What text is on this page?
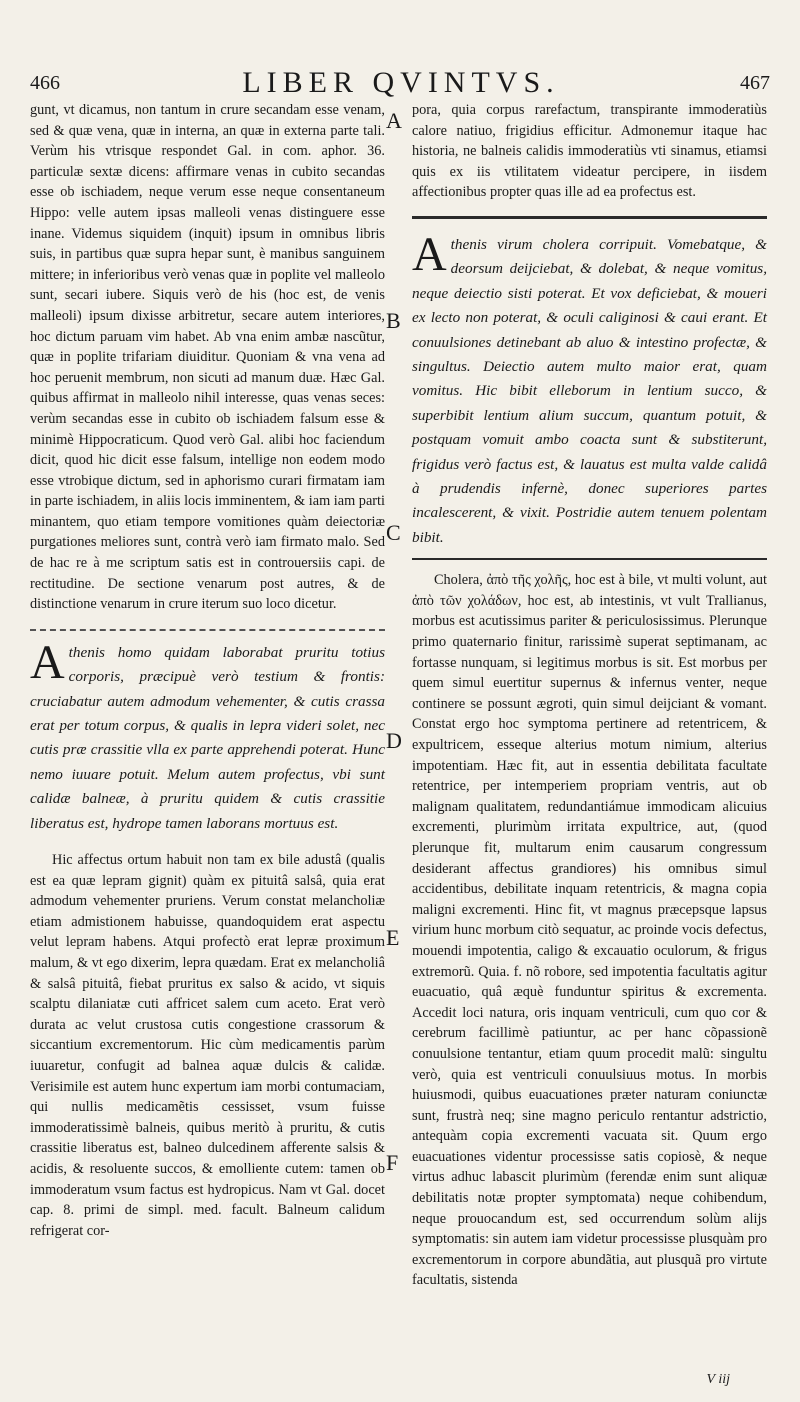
466	LIBER QVINTVS.	467
A
B
C
D
E
F

gunt, vt dicamus, non tantum in crure secandam esse venam, sed & quæ vena, quæ in interna, an quæ in externa parte tali. Verùm his vtrisque respondet Gal. in com. aphor. 36. particulæ sextæ dicens: affirmare venas in cubito secandas esse ob ischiadem, neque verum esse neque consentaneum Hippo: velle autem ipsas malleoli venas distinguere esse inane. Videmus siquidem (inquit) ipsum in omnibus libris suis, in partibus quæ supra hepar sunt, è manibus sanguinem mittere; in inferioribus verò venas quæ in poplite vel malleolo sunt, secari iubere. Siquis verò de his (hoc est, de venis malleoli) ipsum dixisse arbitretur, secare autem interiores, hoc dictum paruam vim habet. Ab vna enim ambæ nascũtur, quæ in poplite trifariam diuiditur. Quoniam & vna vena ad hoc peruenit membrum, non sicuti ad manum duæ. Hæc Gal. quibus affirmat in malleolo nihil interesse, quas venas seces: verùm secandas esse in cubito ob ischiadem falsum esse & minimè Hippocraticum. Quod verò Gal. alibi hoc faciendum dicit, quod hic dicit esse falsum, intellige non eodem modo esse vtrobique dictum, sed in aphorismo curari firmatam iam in parte ischiadem, in aliis locis imminentem, & iam iam parti minantem, quo etiam tempore vomitiones quàm deiectoriæ purgationes meliores sunt, contrà verò iam firmato malo. Sed de hac re à me scriptum satis est in controuersiis capi. de rectitudine. De sectione venarum post autres, & de distinctione venarum in crure iterum suo loco dicetur.

Athenis homo quidam laborabat pruritu totius corporis, præcipuè verò testium & frontis: cruciabatur autem admodum vehementer, & cutis crassa erat per totum corpus, & qualis in lepra videri solet, nec cutis præ crassitie vlla ex parte apprehendi poterat. Hunc nemo iuuare potuit. Melum autem profectus, vbi sunt calidæ balneæ, à pruritu quidem & cutis crassitie liberatus est, hydrope tamen laborans mortuus est.

Hic affectus ortum habuit non tam ex bile adustâ (qualis est ea quæ lepram gignit) quàm ex pituitâ salsâ, quia erat admodum vehementer pruriens. Verum constat melancholiæ etiam admistionem habuisse, quandoquidem erat aspectu velut lepram habens. Atqui profectò erat lepræ proximum malum, & vt ego dixerim, lepra quædam. Erat ex melancholiâ & salsâ pituitâ, fiebat pruritus ex salso & acido, vt siquis scalptu dilaniatæ cuti affricet salem cum aceto. Erat verò durata ac velut crustosa cutis congestione crassorum & siccantium excrementorum. Hic cùm medicamentis parùm iuuaretur, confugit ad balnea aquæ dulcis & calidæ. Verisimile est autem hunc expertum iam morbi contumaciam, qui nullis medicamẽtis cessisset, vsum fuisse immoderatissimè balneis, quibus meritò à pruritu, & cutis crassitie liberatus est, balneo dulcedinem afferente salsis & acidis, & resoluente succos, & emolliente cutem: tamen ob immoderatum vsum factus est hydropicus. Nam vt Gal. docet cap. 8. primi de simpl. med. facult. Balneum calidum refrigerat cor-

pora, quia corpus rarefactum, transpirante immoderatiùs calore natiuo, frigidius efficitur. Admonemur itaque hac historia, ne balneis calidis immoderatiùs vti sinamus, etiamsi quis ex iis vtilitatem videatur percipere, in iisdem affectionibus propter quas ille ad ea profectus est.

Athenis virum cholera corripuit. Vomebatque, & deorsum deijciebat, & dolebat, & neque vomitus, neque deiectio sisti poterat. Et vox deficiebat, & moueri ex lecto non poterat, & oculi caliginosi & caui erant. Et conuulsiones detinebant ab aluo & intestino profectæ, & singultus. Deiectio autem multo maior erat, quam vomitus. Hic bibit elleborum in lentium succo, & superbibit lentium alium succum, quantum potuit, & postquam vomuit ambo coacta sunt & substiterunt, frigidus verò factus est, & lauatus est multa valde calidâ à prudendis infernè, donec superiores partes incalescerent, & vixit. Postridie autem tenuem polentam bibit.

Cholera, ἀπὸ τῆς χολῆς, hoc est à bile, vt multi volunt, aut ἀπὸ τῶν χολάδων, hoc est, ab intestinis, vt vult Trallianus, morbus est acutissimus pariter & periculosissimus. Plerunque primo quaternario finitur, rarissimè superat septimanam, ac fortasse nunquam, si legitimus morbus is sit. Est morbus per quem simul euertitur supernus & infernus venter, neque continere se possunt ægroti, quin simul deijciant & vomant. Constat ergo hoc symptoma pertinere ad retentricem, & expultricem, esseque alterius motum nimium, alterius impotentiam. Hæc fit, aut in essentia debilitata facultate retentrice, per intemperiem propriam ventris, aut ob malignam qualitatem, redundantiámue immodicam alicuius excrementi, plurimùm irritata expultrice, aut, (quod plerunque fit, multarum enim causarum congressum desiderant affectus grandiores) his omnibus simul accidentibus, debilitate inquam retentricis, & magna copia maligni excrementi. Hinc fit, vt magnus præcepsque lapsus virium hunc morbum citò sequatur, ac proinde vocis defectus, mouendi impotentia, caligo & excauatio oculorum, & frigus extremorũ. Quia. f. nõ robore, sed impotentia facultatis agitur euacuatio, quâ æquè funduntur spiritus & excrementa. Accedit loci natura, oris inquam ventriculi, cum quo cor & cerebrum facillimè patiuntur, ac per hanc cõpassionẽ conuulsione tentantur, etiam quum procedit malũ: singultu verò, quia est ventriculi conuulsiuus motus. In morbis huiusmodi, quibus euacuationes præter naturam coniunctæ sunt, frustrà neq; sine magno periculo rentantur adstrictio, antequàm copia excrementi vacuata sit. Quum ergo euacuationes videntur processisse satis copiosè, & neque virtus adhuc labascit plurimùm (ferendæ enim sunt aliquæ debilitatis notæ propter symptomata) neque cohibendum, neque prouocandum est, sed occurrendum solùm alijs symptomatis: sin autem iam videtur processisse plusquàm pro excrementorum in corpore abundãtia, aut plusquã pro virtute facultatis, sistenda

V iij
